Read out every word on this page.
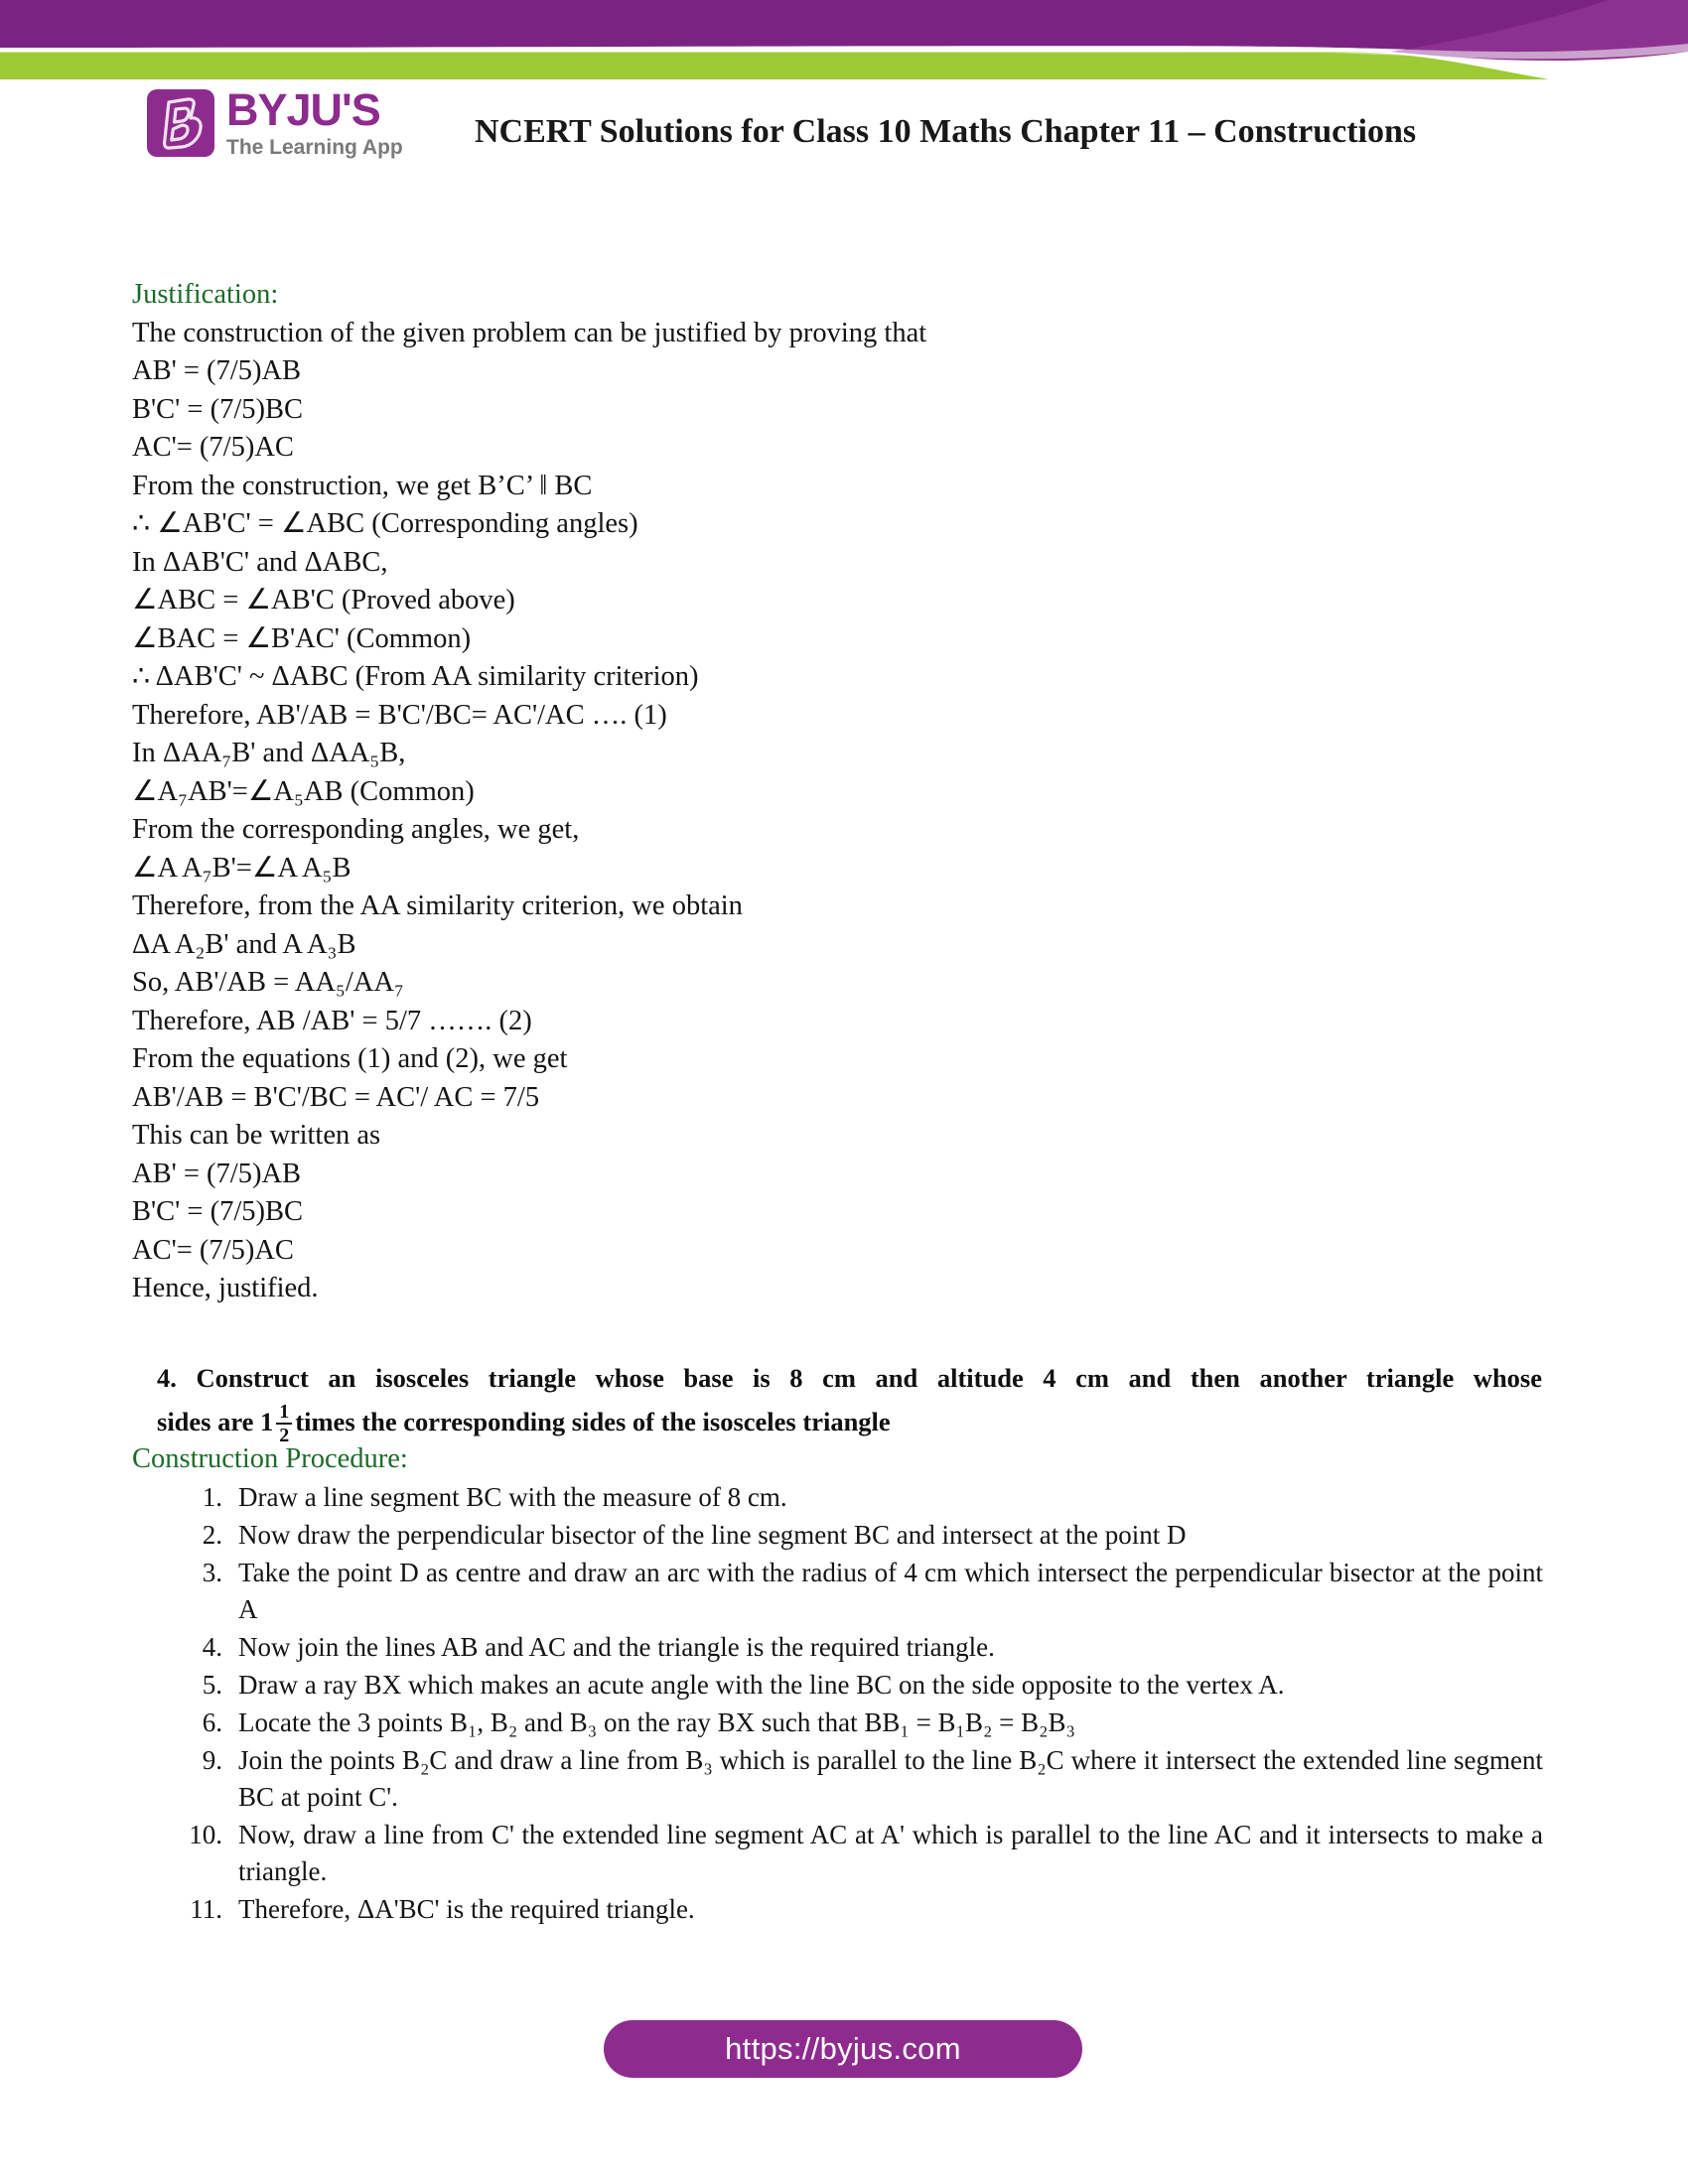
BYJU'S
The Learning App NCERT Solutions for Class 10 Maths Chapter 11 – Constructions
Justification:
The construction of the given problem can be justified by proving that
AB' = (7/5)AB
B'C' = (7/5)BC
AC'= (7/5)AC
From the construction, we get B’C’ ‖ BC
∴ ∠AB'C' = ∠ABC (Corresponding angles)
In ΔAB'C' and ΔABC,
∠ABC = ∠AB'C (Proved above)
∠BAC = ∠B'AC' (Common)
∴ ΔAB'C' ~ ΔABC (From AA similarity criterion)
Therefore, AB'/AB = B'C'/BC= AC'/AC …. (1)
In ΔAA₇B' and ΔAA₅B,
∠A₇AB'=∠A₅AB (Common)
From the corresponding angles, we get,
∠A A₇B'=∠A A₅B
Therefore, from the AA similarity criterion, we obtain
ΔA A₂B' and A A₃B
So, AB'/AB = AA₅/AA₇
Therefore, AB /AB' = 5/7 ……. (2)
From the equations (1) and (2), we get
AB'/AB = B'C'/BC = AC'/ AC = 7/5
This can be written as
AB' = (7/5)AB
B'C' = (7/5)BC
AC'= (7/5)AC
Hence, justified.
4. Construct an isosceles triangle whose base is 8 cm and altitude 4 cm and then another triangle whose
sides are $1 \frac{1}{2}$ times the corresponding sides of the isosceles triangle
Construction Procedure:
1. Draw a line segment BC with the measure of 8 cm.
2. Now draw the perpendicular bisector of the line segment BC and intersect at the point D
3. Take the point D as centre and draw an arc with the radius of 4 cm which intersect the perpendicular bisector at the point A
4. Now join the lines AB and AC and the triangle is the required triangle.
5. Draw a ray BX which makes an acute angle with the line BC on the side opposite to the vertex A.
6. Locate the 3 points B₁, B₂ and B₃ on the ray BX such that BB₁ = B₁B₂ = B₂B₃
9. Join the points B₂C and draw a line from B₃ which is parallel to the line B₂C where it intersect the extended line segment BC at point C'.
10. Now, draw a line from C' the extended line segment AC at A' which is parallel to the line AC and it intersects to make a triangle.
11. Therefore, ΔA'BC' is the required triangle.
https://byjus.com
